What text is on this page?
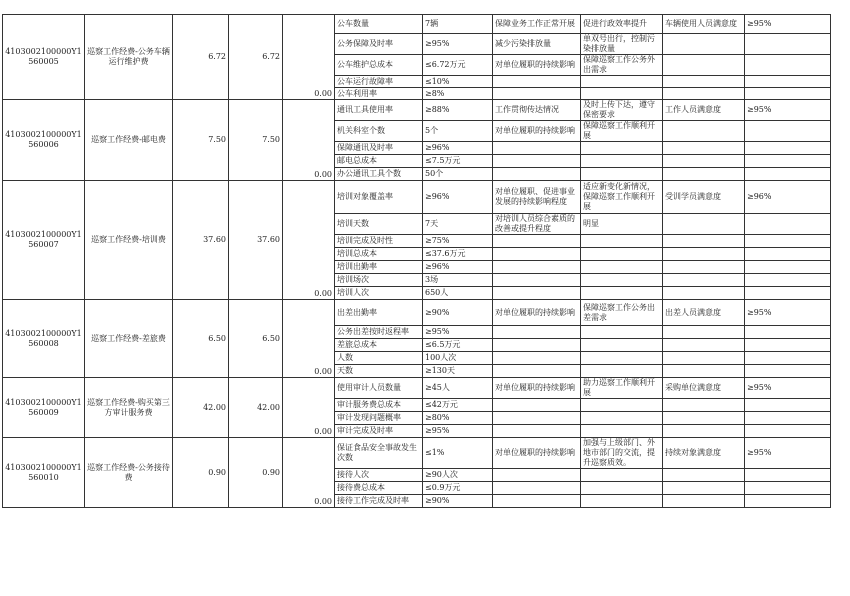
4103002100000Y1560005	巡察工作经费-公务车辆运行维护费	6.72	6.72	0.00	公车数量	7辆	保障业务工作正常开展	促进行政效率提升	车辆使用人员满意度	≥95%
					公务保障及时率	≥95%	减少污染排放量	单双号出行，控制污染排放量		
					公车维护总成本	≤6.72万元	对单位履职的持续影响	保障巡察工作公务外出需求		
					公车运行故障率	≤10%				
					公车利用率	≥8%				
4103002100000Y1560006	巡察工作经费-邮电费	7.50	7.50	0.00	通讯工具使用率	≥88%	工作贯彻传达情况	及时上传下达，遵守保密要求	工作人员满意度	≥95%
					机关科室个数	5个	对单位履职的持续影响	保障巡察工作顺利开展		
					保障通讯及时率	≥96%				
					邮电总成本	≤7.5万元				
					办公通讯工具个数	50个				
4103002100000Y1560007	巡察工作经费-培训费	37.60	37.60	0.00	培训对象覆盖率	≥96%	对单位履职、促进事业发展的持续影响程度	适应新变化新情况，保障巡察工作顺利开展	受训学员满意度	≥96%
					培训天数	7天	对培训人员综合素质的改善或提升程度	明显		
					培训完成及时性	≥75%				
					培训总成本	≤37.6万元				
					培训出勤率	≥96%				
					培训场次	3场				
					培训人次	650人				
4103002100000Y1560008	巡察工作经费-差旅费	6.50	6.50	0.00	出差出勤率	≥90%	对单位履职的持续影响	保障巡察工作公务出差需求	出差人员满意度	≥95%
					公务出差按时返程率	≥95%				
					差旅总成本	≤6.5万元				
					人数	100人次				
					天数	≥130天				
4103002100000Y1560009	巡察工作经费-购买第三方审计服务费	42.00	42.00	0.00	使用审计人员数量	≥45人	对单位履职的持续影响	助力巡察工作顺利开展	采购单位满意度	≥95%
					审计服务费总成本	≤42万元				
					审计发现问题概率	≥80%				
					审计完成及时率	≥95%				
4103002100000Y1560010	巡察工作经费-公务接待费	0.90	0.90	0.00	保证食品安全事故发生次数	≤1%	对单位履职的持续影响	加强与上级部门、外地市部门的交流，提升巡察质效。	持续对象满意度	≥95%
					接待人次	≥90人次				
					接待费总成本	≤0.9万元				
					接待工作完成及时率	≥90%				
